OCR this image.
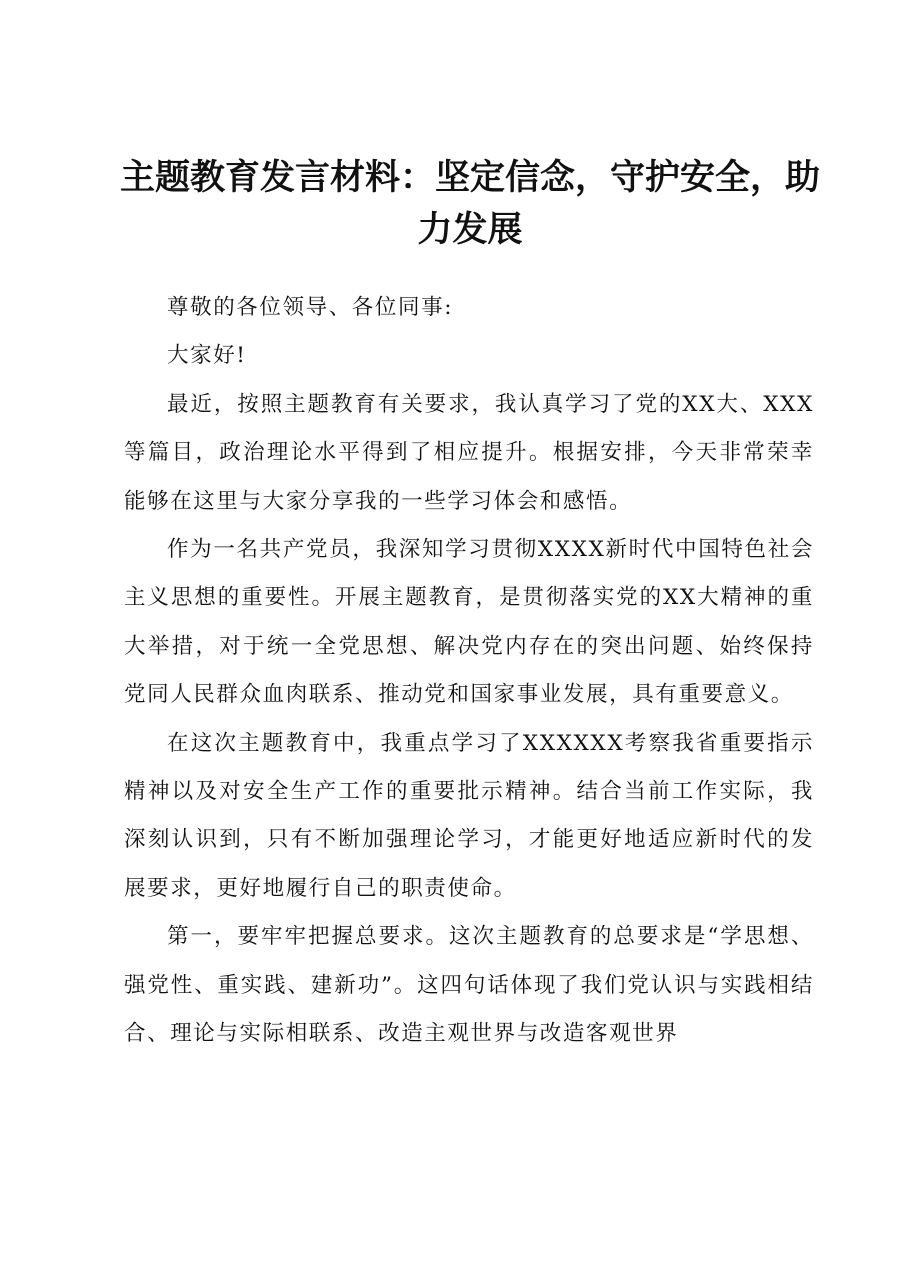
主题教育发言材料：坚定信念，守护安全，助力发展

尊敬的各位领导、各位同事:

大家好!

最近，按照主题教育有关要求，我认真学习了党的XX大、XXX等篇目，政治理论水平得到了相应提升。根据安排，今天非常荣幸能够在这里与大家分享我的一些学习体会和感悟。

作为一名共产党员，我深知学习贯彻XXXX新时代中国特色社会主义思想的重要性。开展主题教育，是贯彻落实党的XX大精神的重大举措，对于统一全党思想、解决党内存在的突出问题、始终保持党同人民群众血肉联系、推动党和国家事业发展，具有重要意义。

在这次主题教育中，我重点学习了XXXXXX考察我省重要指示精神以及对安全生产工作的重要批示精神。结合当前工作实际，我深刻认识到，只有不断加强理论学习，才能更好地适应新时代的发展要求，更好地履行自己的职责使命。

第一，要牢牢把握总要求。这次主题教育的总要求是“学思想、强党性、重实践、建新功”。这四句话体现了我们党认识与实践相结合、理论与实际相联系、改造主观世界与改造客观世界
